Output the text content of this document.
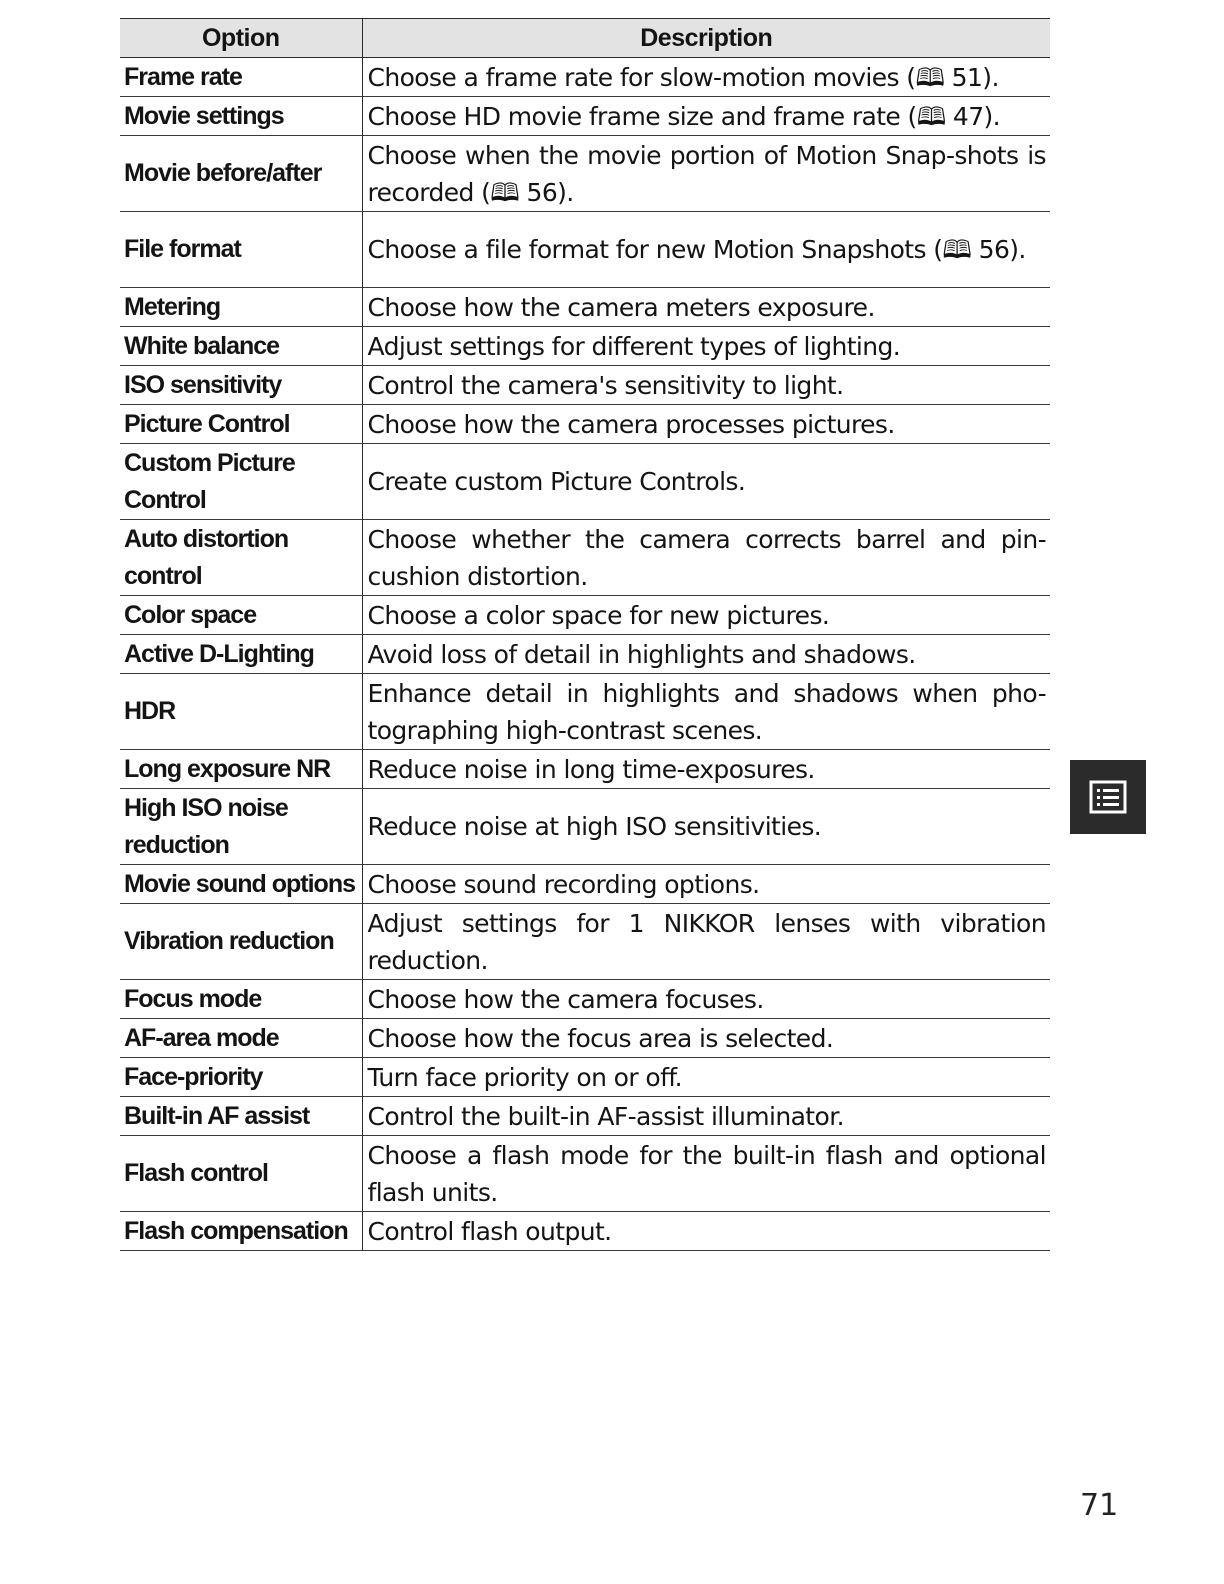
Option	Description
Frame rate	Choose a frame rate for slow-motion movies (🕮 51).
Movie settings	Choose HD movie frame size and frame rate (🕮 47).
Movie before/after	Choose when the movie portion of Motion Snap-shots is recorded (🕮 56).
File format	Choose a file format for new Motion Snapshots (🕮 56).
Metering	Choose how the camera meters exposure.
White balance	Adjust settings for different types of lighting.
ISO sensitivity	Control the camera's sensitivity to light.
Picture Control	Choose how the camera processes pictures.
Custom Picture Control	Create custom Picture Controls.
Auto distortion control	Choose whether the camera corrects barrel and pin-cushion distortion.
Color space	Choose a color space for new pictures.
Active D-Lighting	Avoid loss of detail in highlights and shadows.
HDR	Enhance detail in highlights and shadows when pho-tographing high-contrast scenes.
Long exposure NR	Reduce noise in long time-exposures.
High ISO noise reduction	Reduce noise at high ISO sensitivities.
Movie sound options	Choose sound recording options.
Vibration reduction	Adjust settings for 1 NIKKOR lenses with vibration reduction.
Focus mode	Choose how the camera focuses.
AF-area mode	Choose how the focus area is selected.
Face-priority	Turn face priority on or off.
Built-in AF assist	Control the built-in AF-assist illuminator.
Flash control	Choose a flash mode for the built-in flash and optional flash units.
Flash compensation	Control flash output.
71
